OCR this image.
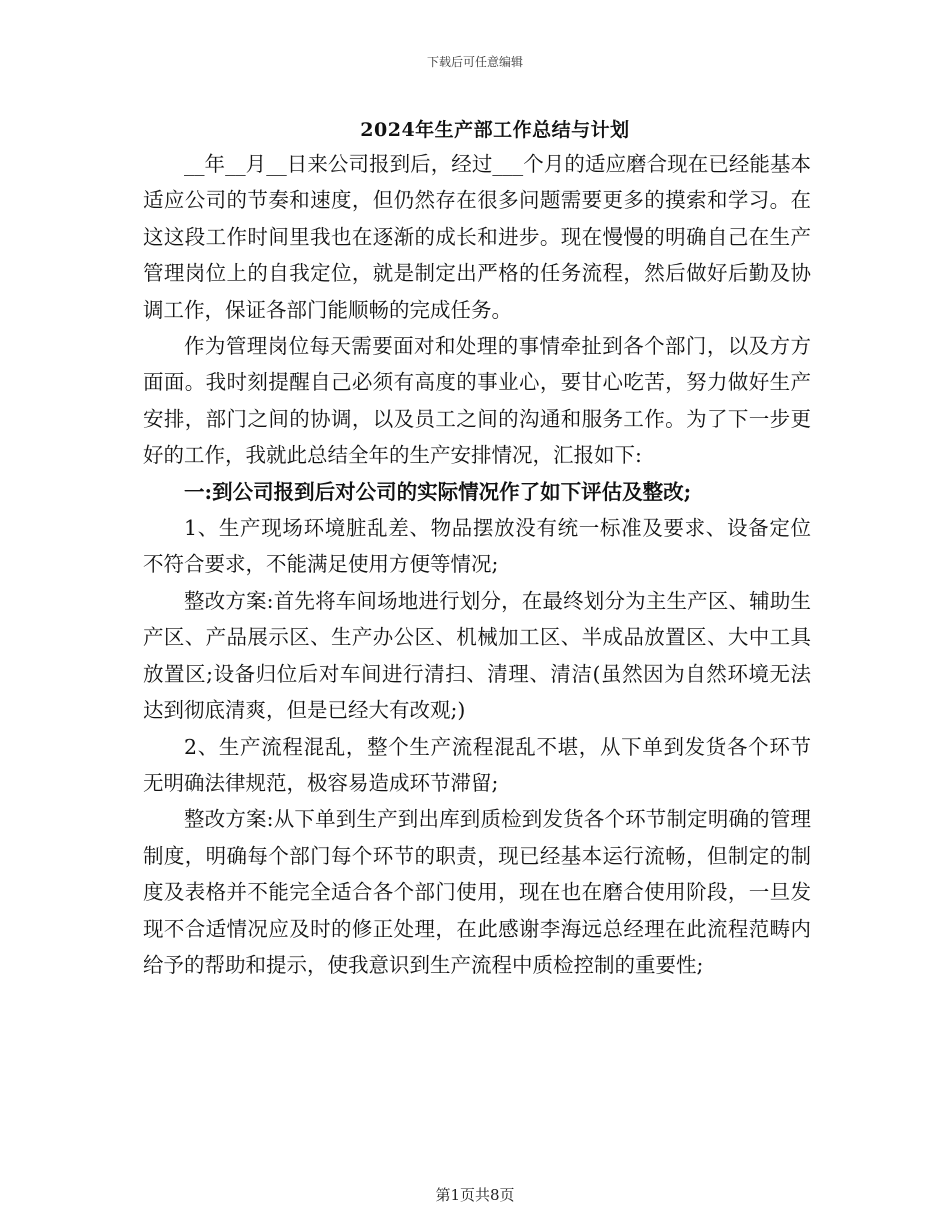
下载后可任意编辑
2024年生产部工作总结与计划

__年__月__日来公司报到后，经过___个月的适应磨合现在已经能基本适应公司的节奏和速度，但仍然存在很多问题需要更多的摸索和学习。在这这段工作时间里我也在逐渐的成长和进步。现在慢慢的明确自己在生产管理岗位上的自我定位，就是制定出严格的任务流程，然后做好后勤及协调工作，保证各部门能顺畅的完成任务。

作为管理岗位每天需要面对和处理的事情牵扯到各个部门，以及方方面面。我时刻提醒自己必须有高度的事业心，要甘心吃苦，努力做好生产安排，部门之间的协调，以及员工之间的沟通和服务工作。为了下一步更好的工作，我就此总结全年的生产安排情况，汇报如下:

一:到公司报到后对公司的实际情况作了如下评估及整改;

1、生产现场环境脏乱差、物品摆放没有统一标准及要求、设备定位不符合要求，不能满足使用方便等情况;

整改方案:首先将车间场地进行划分，在最终划分为主生产区、辅助生产区、产品展示区、生产办公区、机械加工区、半成品放置区、大中工具放置区;设备归位后对车间进行清扫、清理、清洁(虽然因为自然环境无法达到彻底清爽，但是已经大有改观;)

2、生产流程混乱，整个生产流程混乱不堪，从下单到发货各个环节无明确法律规范，极容易造成环节滞留;

整改方案:从下单到生产到出库到质检到发货各个环节制定明确的管理制度，明确每个部门每个环节的职责，现已经基本运行流畅，但制定的制度及表格并不能完全适合各个部门使用，现在也在磨合使用阶段，一旦发现不合适情况应及时的修正处理，在此感谢李海远总经理在此流程范畴内给予的帮助和提示，使我意识到生产流程中质检控制的重要性;

第1页共8页
